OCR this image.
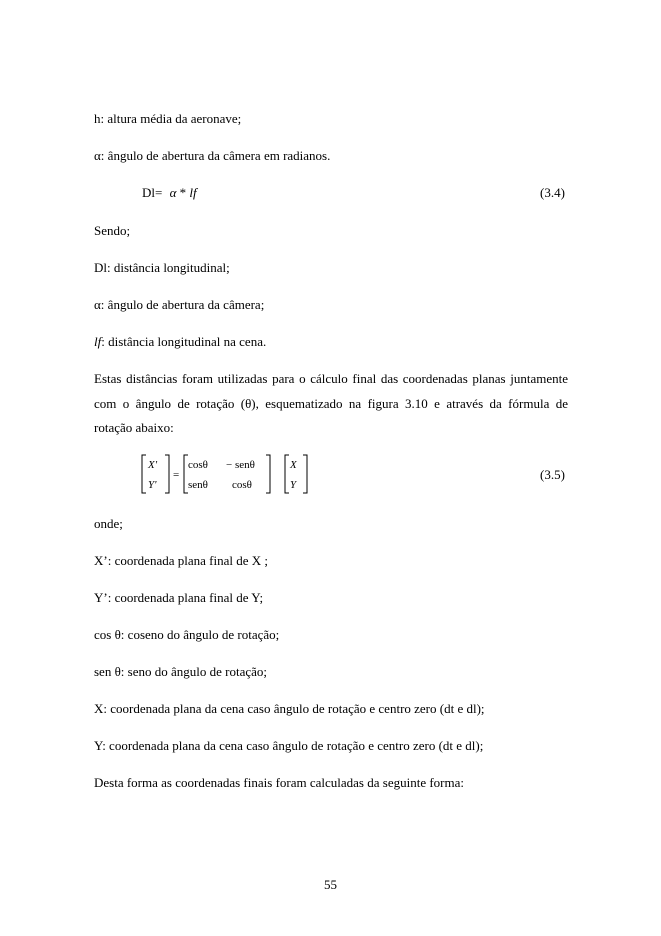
h: altura média da aeronave;
α: ângulo de abertura da câmera em radianos.
Dl= α * lf	(3.4)
Sendo;
Dl: distância longitudinal;
α: ângulo de abertura da câmera;
lf: distância longitudinal na cena.
Estas distâncias foram utilizadas para o cálculo final das coordenadas planas juntamente
com o ângulo de rotação (θ), esquematizado na figura 3.10 e através da fórmula de
rotação abaixo:
X'
Y'
=
cosθ − senθ
senθ cosθ
X
Y
(3.5)
onde;
X’: coordenada plana final de X ;
Y’: coordenada plana final de Y;
cos θ: coseno do ângulo de rotação;
sen θ: seno do ângulo de rotação;
X: coordenada plana da cena caso ângulo de rotação e centro zero (dt e dl);
Y: coordenada plana da cena caso ângulo de rotação e centro zero (dt e dl);
Desta forma as coordenadas finais foram calculadas da seguinte forma:
55
